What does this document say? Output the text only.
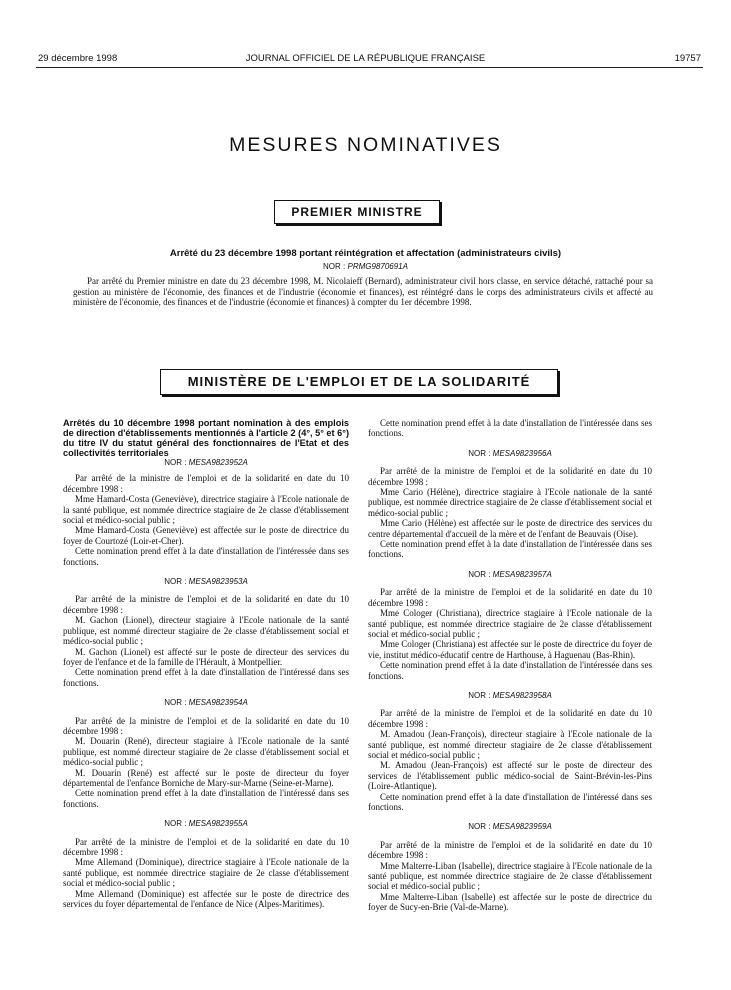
29 décembre 1998	JOURNAL OFFICIEL DE LA RÉPUBLIQUE FRANÇAISE	19757
MESURES NOMINATIVES
PREMIER MINISTRE
Arrêté du 23 décembre 1998 portant réintégration et affectation (administrateurs civils)
NOR : PRMG9870691A

Par arrêté du Premier ministre en date du 23 décembre 1998, M. Nicolaieff (Bernard), administrateur civil hors classe, en service détaché, rattaché pour sa gestion au ministère de l'économie, des finances et de l'industrie (économie et finances), est réintégré dans le corps des administrateurs civils et affecté au ministère de l'économie, des finances et de l'industrie (économie et finances) à compter du 1er décembre 1998.

MINISTÈRE DE L'EMPLOI ET DE LA SOLIDARITÉ

Arrêtés du 10 décembre 1998 portant nomination à des emplois de direction d'établissements mentionnés à l'article 2 (4°, 5° et 6°) du titre IV du statut général des fonctionnaires de l'Etat et des collectivités territoriales

NOR : MESA9823952A

Par arrêté de la ministre de l'emploi et de la solidarité en date du 10 décembre 1998 :

Mme Hamard-Costa (Geneviève), directrice stagiaire à l'Ecole nationale de la santé publique, est nommée directrice stagiaire de 2e classe d'établissement social et médico-social public ;

Mme Hamard-Costa (Geneviève) est affectée sur le poste de directrice du foyer de Courtozé (Loir-et-Cher).

Cette nomination prend effet à la date d'installation de l'intéressée dans ses fonctions.

NOR : MESA9823953A

Par arrêté de la ministre de l'emploi et de la solidarité en date du 10 décembre 1998 :

M. Gachon (Lionel), directeur stagiaire à l'Ecole nationale de la santé publique, est nommé directeur stagiaire de 2e classe d'établissement social et médico-social public ;

M. Gachon (Lionel) est affecté sur le poste de directeur des services du foyer de l'enfance et de la famille de l'Hérault, à Montpellier.

Cette nomination prend effet à la date d'installation de l'intéressé dans ses fonctions.

NOR : MESA9823954A

Par arrêté de la ministre de l'emploi et de la solidarité en date du 10 décembre 1998 :

M. Douarin (René), directeur stagiaire à l'Ecole nationale de la santé publique, est nommé directeur stagiaire de 2e classe d'établissement social et médico-social public ;

M. Douarin (René) est affecté sur le poste de directeur du foyer départemental de l'enfance Borniche de Mary-sur-Marne (Seine-et-Marne).

Cette nomination prend effet à la date d'installation de l'intéressé dans ses fonctions.

NOR : MESA9823955A

Par arrêté de la ministre de l'emploi et de la solidarité en date du 10 décembre 1998 :

Mme Allemand (Dominique), directrice stagiaire à l'Ecole nationale de la santé publique, est nommée directrice stagiaire de 2e classe d'établissement social et médico-social public ;

Mme Allemand (Dominique) est affectée sur le poste de directrice des services du foyer départemental de l'enfance de Nice (Alpes-Maritimes).

Cette nomination prend effet à la date d'installation de l'intéressée dans ses fonctions.

NOR : MESA9823956A

Par arrêté de la ministre de l'emploi et de la solidarité en date du 10 décembre 1998 :

Mme Cario (Hélène), directrice stagiaire à l'Ecole nationale de la santé publique, est nommée directrice stagiaire de 2e classe d'établissement social et médico-social public ;

Mme Cario (Hélène) est affectée sur le poste de directrice des services du centre départemental d'accueil de la mère et de l'enfant de Beauvais (Oise).

Cette nomination prend effet à la date d'installation de l'intéressée dans ses fonctions.

NOR : MESA9823957A

Par arrêté de la ministre de l'emploi et de la solidarité en date du 10 décembre 1998 :

Mme Cologer (Christiana), directrice stagiaire à l'Ecole nationale de la santé publique, est nommée directrice stagiaire de 2e classe d'établissement social et médico-social public ;

Mme Cologer (Christiana) est affectée sur le poste de directrice du foyer de vie, institut médico-éducatif centre de Harthouse, à Haguenau (Bas-Rhin).

Cette nomination prend effet à la date d'installation de l'intéressée dans ses fonctions.

NOR : MESA9823958A

Par arrêté de la ministre de l'emploi et de la solidarité en date du 10 décembre 1998 :

M. Amadou (Jean-François), directeur stagiaire à l'Ecole nationale de la santé publique, est nommé directeur stagiaire de 2e classe d'établissement social et médico-social public ;

M. Amadou (Jean-François) est affecté sur le poste de directeur des services de l'établissement public médico-social de Saint-Brévin-les-Pins (Loire-Atlantique).

Cette nomination prend effet à la date d'installation de l'intéressé dans ses fonctions.

NOR : MESA9823959A

Par arrêté de la ministre de l'emploi et de la solidarité en date du 10 décembre 1998 :

Mme Malterre-Liban (Isabelle), directrice stagiaire à l'Ecole nationale de la santé publique, est nommée directrice stagiaire de 2e classe d'établissement social et médico-social public ;

Mme Malterre-Liban (Isabelle) est affectée sur le poste de directrice du foyer de Sucy-en-Brie (Val-de-Marne).
